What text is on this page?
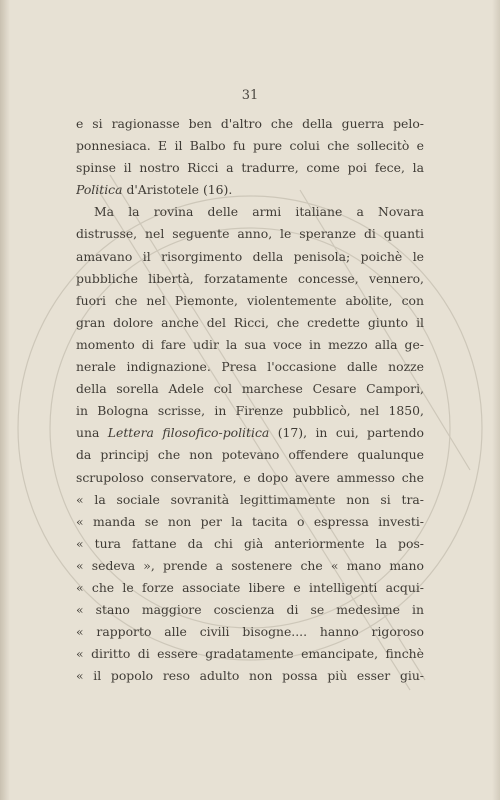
31
e si ragionasse ben d'altro che della guerra pelo-
ponnesiaca. E il Balbo fu pure colui che sollecitò e
spinse il nostro Ricci a tradurre, come poi fece, la
Politica d'Aristotele (16).
Ma la rovina delle armi italiane a Novara
distrusse, nel seguente anno, le speranze di quanti
amavano il risorgimento della penisola; poichè le
pubbliche libertà, forzatamente concesse, vennero,
fuori che nel Piemonte, violentemente abolite, con
gran dolore anche del Ricci, che credette giunto il
momento di fare udir la sua voce in mezzo alla ge-
nerale indignazione. Presa l'occasione dalle nozze
della sorella Adele col marchese Cesare Campori,
in Bologna scrisse, in Firenze pubblicò, nel 1850,
una Lettera filosofico-politica (17), in cui, partendo
da principj che non potevano offendere qualunque
scrupoloso conservatore, e dopo avere ammesso che
« la sociale sovranità legittimamente non si tra-
« manda se non per la tacita o espressa investi-
« tura fattane da chi già anteriormente la pos-
« sedeva », prende a sostenere che « mano mano
« che le forze associate libere e intelligenti acqui-
« stano maggiore coscienza di se medesime in
« rapporto alle civili bisogne.... hanno rigoroso
« diritto di essere gradatamente emancipate, finchè
« il popolo reso adulto non possa più esser giu-
